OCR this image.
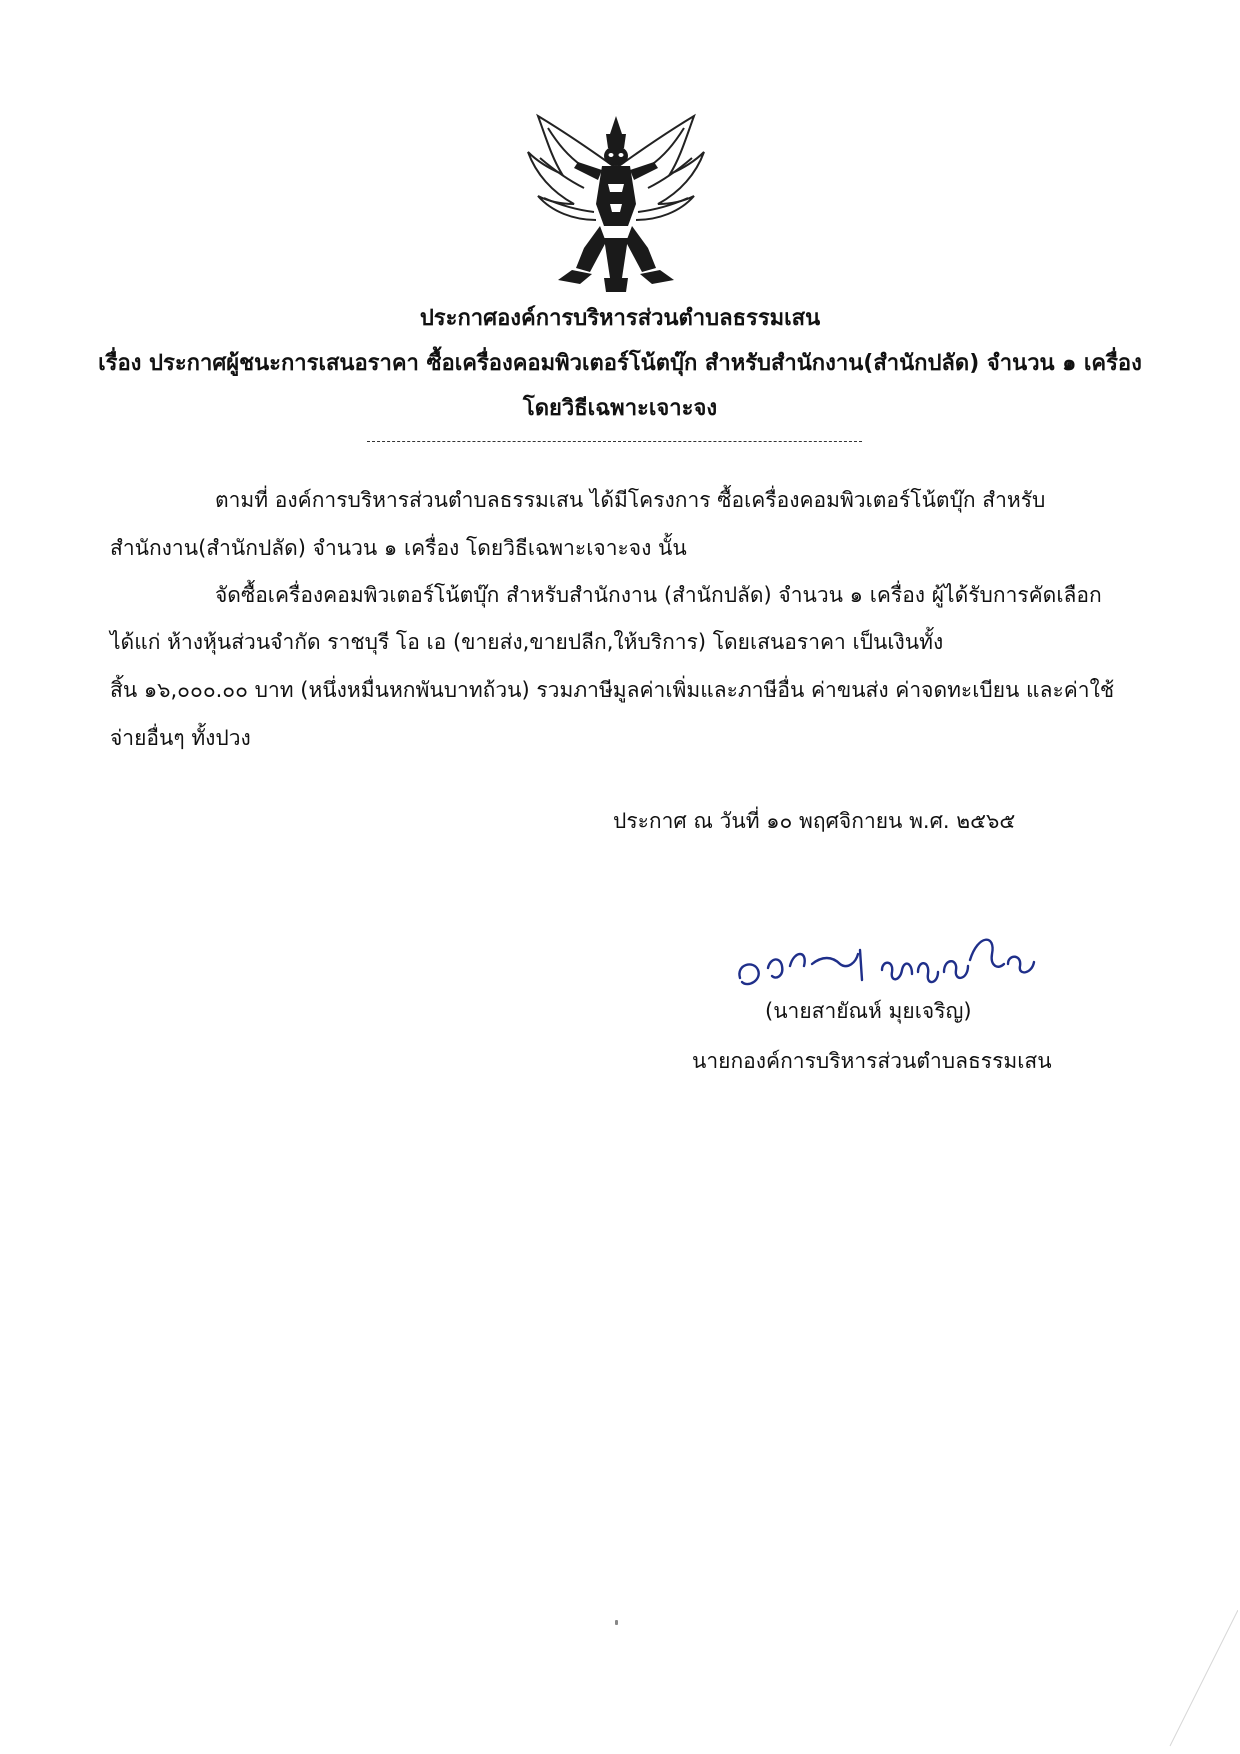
ประกาศองค์การบริหารส่วนตำบลธรรมเสน
เรื่อง ประกาศผู้ชนะการเสนอราคา ซื้อเครื่องคอมพิวเตอร์โน้ตบุ๊ก สำหรับสำนักงาน(สำนักปลัด) จำนวน ๑ เครื่อง
โดยวิธีเฉพาะเจาะจง
ตามที่ องค์การบริหารส่วนตำบลธรรมเสน ได้มีโครงการ ซื้อเครื่องคอมพิวเตอร์โน้ตบุ๊ก สำหรับ
สำนักงาน(สำนักปลัด) จำนวน ๑ เครื่อง โดยวิธีเฉพาะเจาะจง นั้น
จัดซื้อเครื่องคอมพิวเตอร์โน้ตบุ๊ก สำหรับสำนักงาน (สำนักปลัด) จำนวน ๑ เครื่อง ผู้ได้รับการคัดเลือก
ได้แก่ ห้างหุ้นส่วนจำกัด ราชบุรี โอ เอ (ขายส่ง,ขายปลีก,ให้บริการ) โดยเสนอราคา เป็นเงินทั้ง
สิ้น ๑๖,๐๐๐.๐๐ บาท (หนึ่งหมื่นหกพันบาทถ้วน) รวมภาษีมูลค่าเพิ่มและภาษีอื่น ค่าขนส่ง ค่าจดทะเบียน และค่าใช้
จ่ายอื่นๆ ทั้งปวง
ประกาศ ณ วันที่ ๑๐ พฤศจิกายน พ.ศ. ๒๕๖๕
(นายสายัณห์ มุยเจริญ)
นายกองค์การบริหารส่วนตำบลธรรมเสน
